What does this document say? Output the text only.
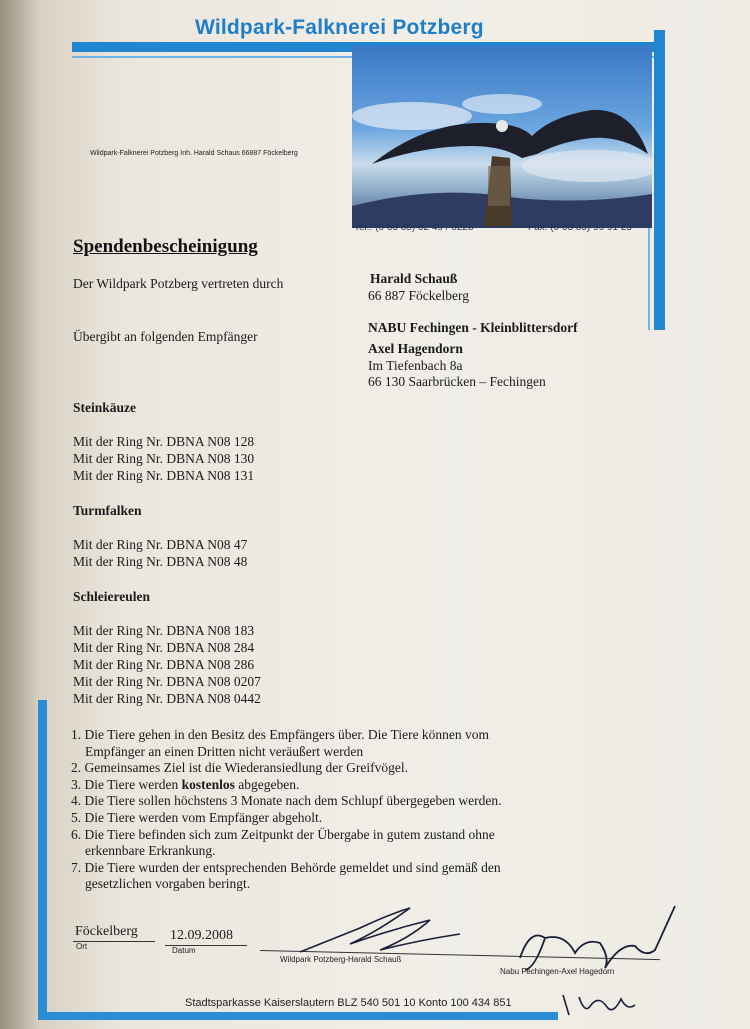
Wildpark-Falknerei Potzberg
Wildpark-Falknerei Potzberg Inh. Harald Schaus 66887 Föckelberg
Tel.: (0 63 85) 62 49 / 6228	Fax: (0 63 85) 99 91 25
Spendenbescheinigung
Der Wildpark Potzberg vertreten durch	Harald Schauß
66 887 Föckelberg
Übergibt an folgenden Empfänger
NABU Fechingen - Kleinblittersdorf
Axel Hagendorn
Im Tiefenbach 8a
66 130 Saarbrücken – Fechingen
Steinkäuze
Mit der Ring Nr. DBNA N08 128
Mit der Ring Nr. DBNA N08 130
Mit der Ring Nr. DBNA N08 131
Turmfalken
Mit der Ring Nr. DBNA N08 47
Mit der Ring Nr. DBNA N08 48
Schleiereulen
Mit der Ring Nr. DBNA N08 183
Mit der Ring Nr. DBNA N08 284
Mit der Ring Nr. DBNA N08 286
Mit der Ring Nr. DBNA N08 0207
Mit der Ring Nr. DBNA N08 0442
1. Die Tiere gehen in den Besitz des Empfängers über. Die Tiere können vom
Empfänger an einen Dritten nicht veräußert werden
2. Gemeinsames Ziel ist die Wiederansiedlung der Greifvögel.
3. Die Tiere werden kostenlos abgegeben.
4. Die Tiere sollen höchstens 3 Monate nach dem Schlupf übergegeben werden.
5. Die Tiere werden vom Empfänger abgeholt.
6. Die Tiere befinden sich zum Zeitpunkt der Übergabe in gutem zustand ohne
erkennbare Erkrankung.
7. Die Tiere wurden der entsprechenden Behörde gemeldet und sind gemäß den
gesetzlichen vorgaben beringt.
Föckelberg
Ort
12.09.2008
Datum
Wildpark Potzberg-Harald Schauß
Nabu Fechingen-Axel Hagedorn
Stadtsparkasse Kaiserslautern BLZ 540 501 10 Konto 100 434 851
